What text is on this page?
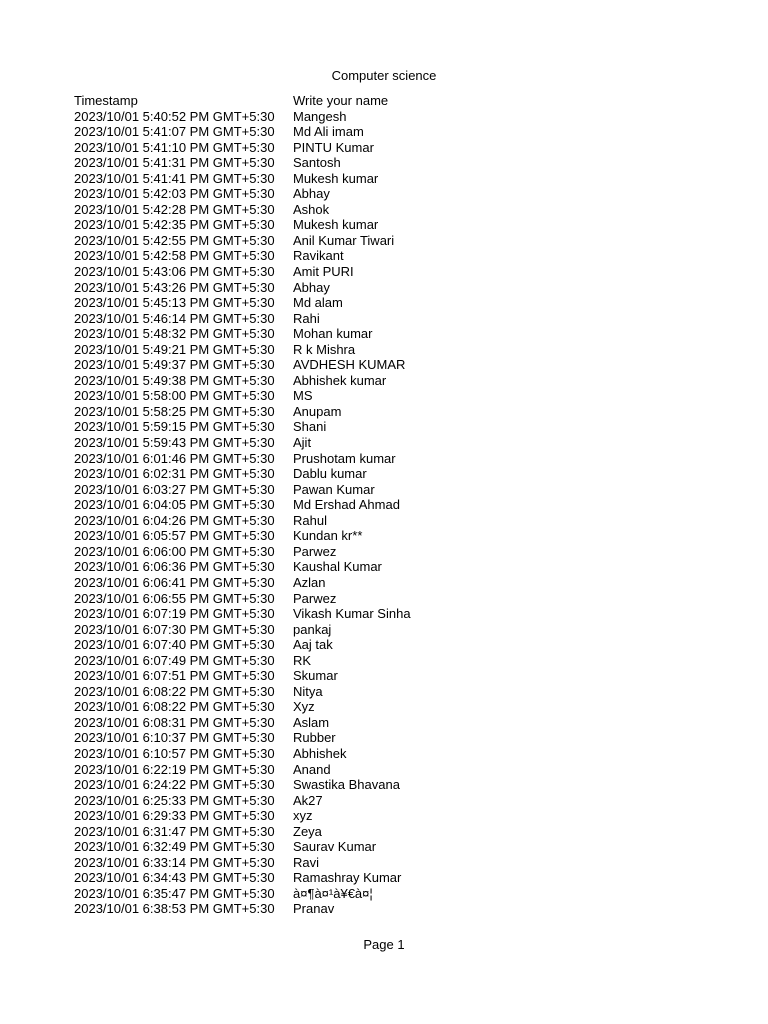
Computer science
Timestamp	Write your name
2023/10/01 5:40:52 PM GMT+5:30	Mangesh
2023/10/01 5:41:07 PM GMT+5:30	Md Ali imam
2023/10/01 5:41:10 PM GMT+5:30	PINTU Kumar
2023/10/01 5:41:31 PM GMT+5:30	Santosh
2023/10/01 5:41:41 PM GMT+5:30	Mukesh kumar
2023/10/01 5:42:03 PM GMT+5:30	Abhay
2023/10/01 5:42:28 PM GMT+5:30	Ashok
2023/10/01 5:42:35 PM GMT+5:30	Mukesh kumar
2023/10/01 5:42:55 PM GMT+5:30	Anil Kumar Tiwari
2023/10/01 5:42:58 PM GMT+5:30	Ravikant
2023/10/01 5:43:06 PM GMT+5:30	Amit PURI
2023/10/01 5:43:26 PM GMT+5:30	Abhay
2023/10/01 5:45:13 PM GMT+5:30	Md alam
2023/10/01 5:46:14 PM GMT+5:30	Rahi
2023/10/01 5:48:32 PM GMT+5:30	Mohan kumar
2023/10/01 5:49:21 PM GMT+5:30	R k Mishra
2023/10/01 5:49:37 PM GMT+5:30	AVDHESH KUMAR
2023/10/01 5:49:38 PM GMT+5:30	Abhishek kumar
2023/10/01 5:58:00 PM GMT+5:30	MS
2023/10/01 5:58:25 PM GMT+5:30	Anupam
2023/10/01 5:59:15 PM GMT+5:30	Shani
2023/10/01 5:59:43 PM GMT+5:30	Ajit
2023/10/01 6:01:46 PM GMT+5:30	Prushotam kumar
2023/10/01 6:02:31 PM GMT+5:30	Dablu kumar
2023/10/01 6:03:27 PM GMT+5:30	Pawan Kumar
2023/10/01 6:04:05 PM GMT+5:30	Md Ershad Ahmad
2023/10/01 6:04:26 PM GMT+5:30	Rahul
2023/10/01 6:05:57 PM GMT+5:30	Kundan kr**
2023/10/01 6:06:00 PM GMT+5:30	Parwez
2023/10/01 6:06:36 PM GMT+5:30	Kaushal Kumar
2023/10/01 6:06:41 PM GMT+5:30	Azlan
2023/10/01 6:06:55 PM GMT+5:30	Parwez
2023/10/01 6:07:19 PM GMT+5:30	Vikash Kumar Sinha
2023/10/01 6:07:30 PM GMT+5:30	pankaj
2023/10/01 6:07:40 PM GMT+5:30	Aaj tak
2023/10/01 6:07:49 PM GMT+5:30	RK
2023/10/01 6:07:51 PM GMT+5:30	Skumar
2023/10/01 6:08:22 PM GMT+5:30	Nitya
2023/10/01 6:08:22 PM GMT+5:30	Xyz
2023/10/01 6:08:31 PM GMT+5:30	Aslam
2023/10/01 6:10:37 PM GMT+5:30	Rubber
2023/10/01 6:10:57 PM GMT+5:30	Abhishek
2023/10/01 6:22:19 PM GMT+5:30	Anand
2023/10/01 6:24:22 PM GMT+5:30	Swastika Bhavana
2023/10/01 6:25:33 PM GMT+5:30	Ak27
2023/10/01 6:29:33 PM GMT+5:30	xyz
2023/10/01 6:31:47 PM GMT+5:30	Zeya
2023/10/01 6:32:49 PM GMT+5:30	Saurav Kumar
2023/10/01 6:33:14 PM GMT+5:30	Ravi
2023/10/01 6:34:43 PM GMT+5:30	Ramashray Kumar
2023/10/01 6:35:47 PM GMT+5:30	à¤¶à¤¹à¥€à¤¦
2023/10/01 6:38:53 PM GMT+5:30	Pranav
Page 1
